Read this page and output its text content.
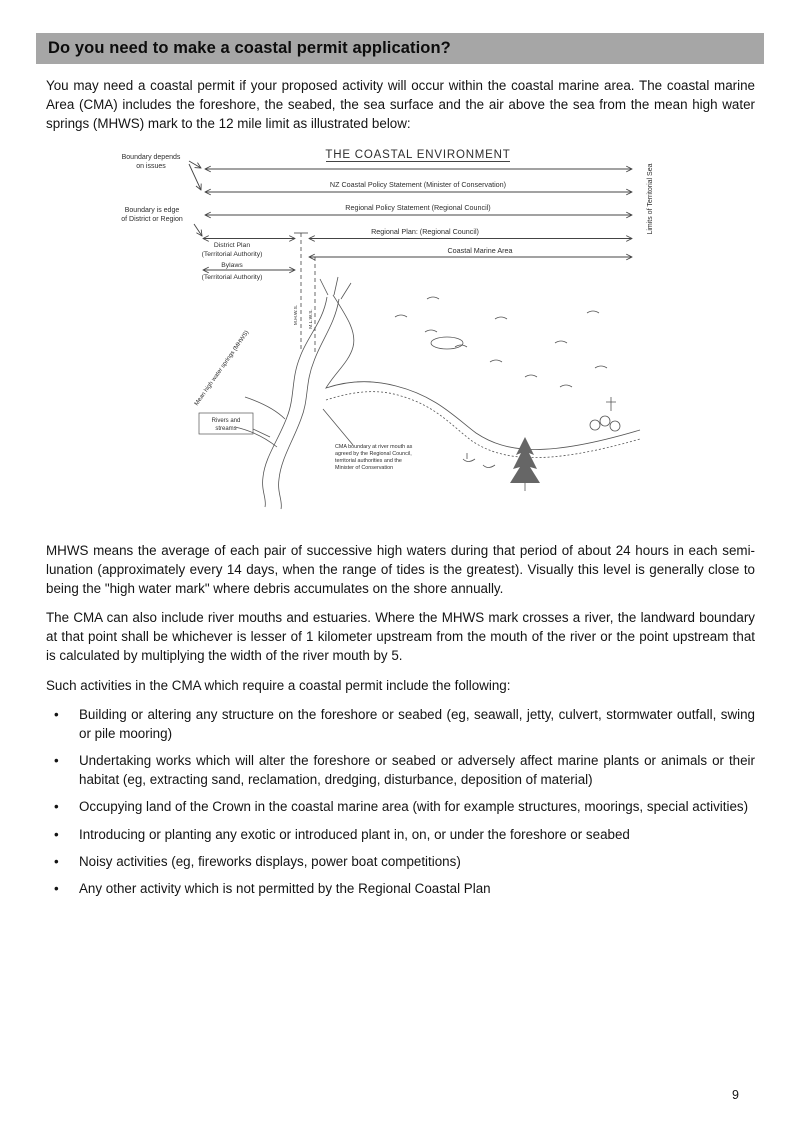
Do you need to make a coastal permit application?

You may need a coastal permit if your proposed activity will occur within the coastal marine area. The coastal marine Area (CMA) includes the foreshore, the seabed, the sea surface and the air above the sea from the mean high water springs (MHWS) mark to the 12 mile limit as illustrated below:

THE COASTAL ENVIRONMENT
M.H.W.S. M.L.W.S.
NZ Coastal Policy Statement (Minister of Conservation)
Regional Policy Statement (Regional Council)
Regional Plan: (Regional Council)
Coastal Marine Area
District Plan
(Territorial Authority)
Bylaws
(Territorial Authority)
Boundary depends
on issues
Boundary is edge
of District or Region	Limits of Territorial Sea
Rivers and
streams
Mean high water springs (MHWS)
CMA boundary at river mouth as
agreed by the Regional Council,
territorial authorities and the
Minister of Conservation

MHWS means the average of each pair of successive high waters during that period of about 24 hours in each semi-lunation (approximately every 14 days, when the range of tides is the greatest). Visually this level is generally close to being the "high water mark" where debris accumulates on the shore annually.

The CMA can also include river mouths and estuaries. Where the MHWS mark crosses a river, the landward boundary at that point shall be whichever is lesser of 1 kilometer upstream from the mouth of the river or the point upstream that is calculated by multiplying the width of the river mouth by 5.

Such activities in the CMA which require a coastal permit include the following:

• Building or altering any structure on the foreshore or seabed (eg, seawall, jetty, culvert, stormwater outfall, swing or pile mooring)
• Undertaking works which will alter the foreshore or seabed or adversely affect marine plants or animals or their habitat (eg, extracting sand, reclamation, dredging, disturbance, deposition of material)
• Occupying land of the Crown in the coastal marine area (with for example structures, moorings, special activities)
• Introducing or planting any exotic or introduced plant in, on, or under the foreshore or seabed
• Noisy activities (eg, fireworks displays, power boat competitions)
• Any other activity which is not permitted by the Regional Coastal Plan
9
